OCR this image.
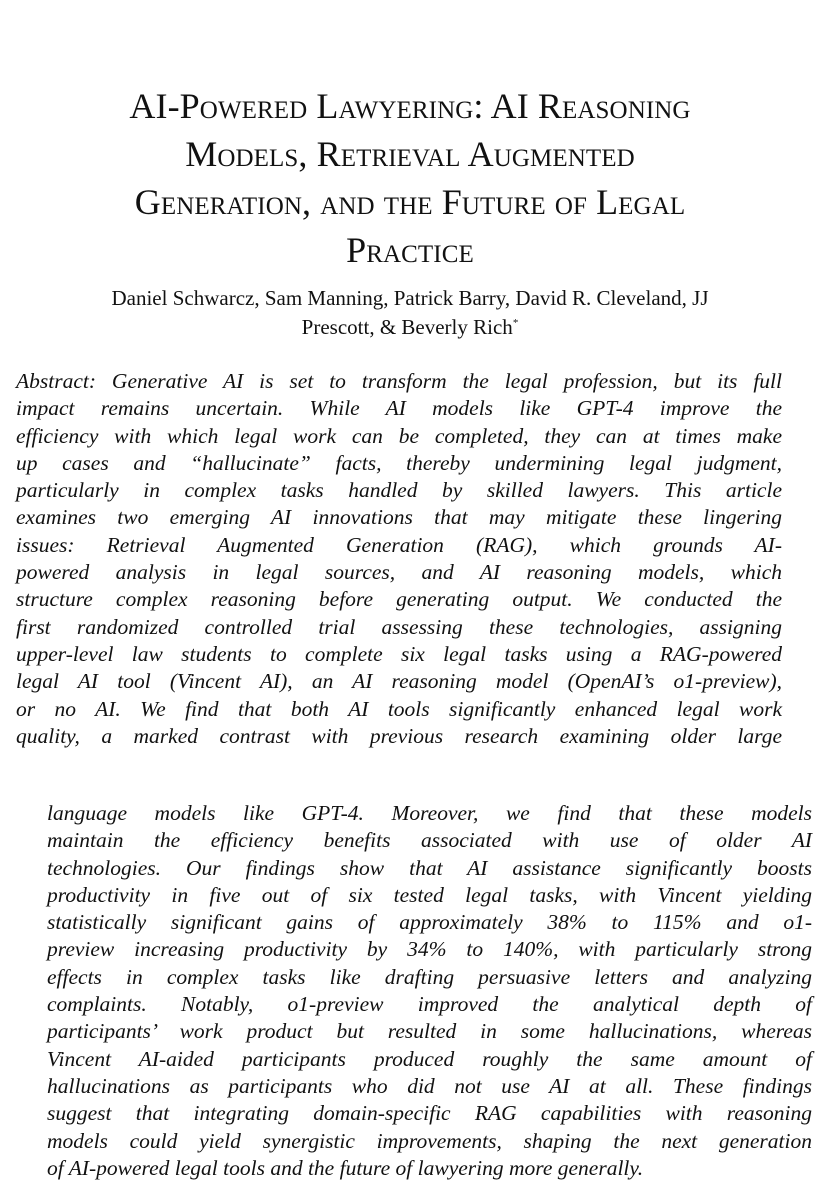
AI-Powered Lawyering: AI Reasoning
Models, Retrieval Augmented
Generation, and the Future of Legal
Practice
Daniel Schwarcz, Sam Manning, Patrick Barry, David R. Cleveland, JJ
Prescott, & Beverly Rich*
Abstract: Generative AI is set to transform the legal profession, but its full
impact remains uncertain. While AI models like GPT-4 improve the
efficiency with which legal work can be completed, they can at times make
up cases and “hallucinate” facts, thereby undermining legal judgment,
particularly in complex tasks handled by skilled lawyers. This article
examines two emerging AI innovations that may mitigate these lingering
issues: Retrieval Augmented Generation (RAG), which grounds AI-
powered analysis in legal sources, and AI reasoning models, which
structure complex reasoning before generating output. We conducted the
first randomized controlled trial assessing these technologies, assigning
upper-level law students to complete six legal tasks using a RAG-powered
legal AI tool (Vincent AI), an AI reasoning model (OpenAI’s o1-preview),
or no AI. We find that both AI tools significantly enhanced legal work
quality, a marked contrast with previous research examining older large
language models like GPT-4. Moreover, we find that these models
maintain the efficiency benefits associated with use of older AI
technologies. Our findings show that AI assistance significantly boosts
productivity in five out of six tested legal tasks, with Vincent yielding
statistically significant gains of approximately 38% to 115% and o1-
preview increasing productivity by 34% to 140%, with particularly strong
effects in complex tasks like drafting persuasive letters and analyzing
complaints. Notably, o1-preview improved the analytical depth of
participants’ work product but resulted in some hallucinations, whereas
Vincent AI-aided participants produced roughly the same amount of
hallucinations as participants who did not use AI at all. These findings
suggest that integrating domain-specific RAG capabilities with reasoning
models could yield synergistic improvements, shaping the next generation
of AI-powered legal tools and the future of lawyering more generally.
